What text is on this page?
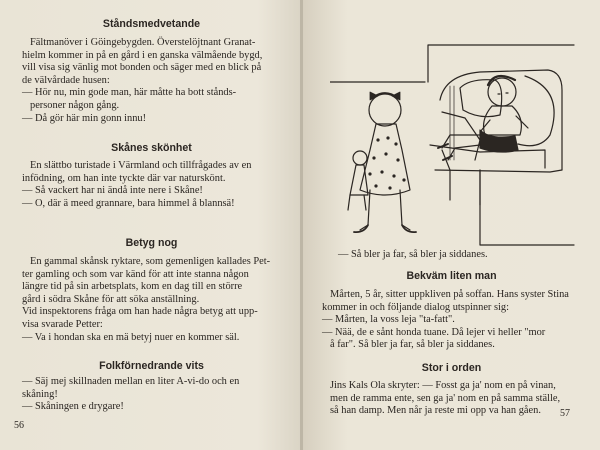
Ståndsmedvetande

Fältmanöver i Göingebygden. Överstelöjtnant Granat-

hielm kommer in på en gård i en ganska välmående bygd,

vill visa sig vänlig mot bonden och säger med en blick på

de välvårdade husen:

— Hör nu, min gode man, här måtte ha bott stånds-

personer någon gång.

— Då gör här min gonn innu!

Skånes skönhet

En slättbo turistade i Värmland och tillfrågades av en

infödning, om han inte tyckte där var naturskönt.

— Så vackert har ni ändå inte nere i Skåne!

— O, där ä meed grannare, bara himmel å blannsä!

Betyg nog

En gammal skånsk ryktare, som gemenligen kallades Pet-

ter gamling och som var känd för att inte stanna någon

längre tid på sin arbetsplats, kom en dag till en större

gård i södra Skåne för att söka anställning.

Vid inspektorens fråga om han hade några betyg att upp-

visa svarade Petter:

— Va i hondan ska en mä betyj nuer en kommer säl.

Folkförnedrande vits

— Säj mej skillnaden mellan en liter A-vi-do och en

skåning!

— Skåningen e drygare!

56
— Så bler ja far, så bler ja siddanes.
Bekväm liten man

Mårten, 5 år, sitter uppkliven på soffan. Hans syster Stina

kommer in och följande dialog utspinner sig:

— Mårten, la voss leja "ta-fatt".

— Nää, de e sånt honda tuane. Då lejer vi heller "mor

å far". Så bler ja far, så bler ja siddanes.

Stor i orden

Jins Kals Ola skryter: — Fosst ga ja' nom en på vinan,

men de ramma ente, sen ga ja' nom en på samma ställe,

så han damp. Men når ja reste mi opp va han gåen.	57
